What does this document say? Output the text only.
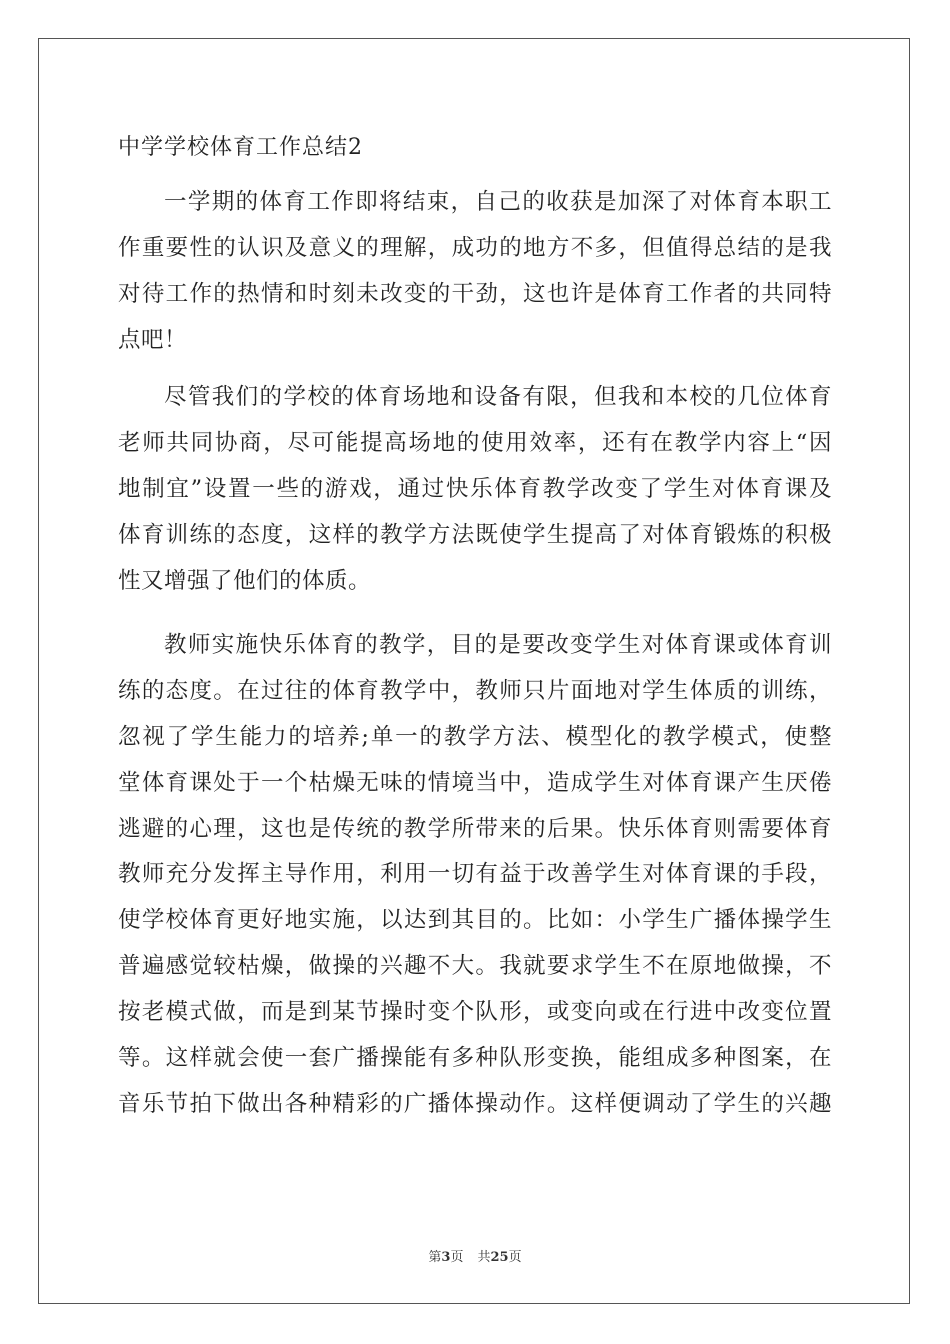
中学学校体育工作总结2
一学期的体育工作即将结束，自己的收获是加深了对体育本职工
作重要性的认识及意义的理解，成功的地方不多，但值得总结的是我
对待工作的热情和时刻未改变的干劲，这也许是体育工作者的共同特
点吧！
尽管我们的学校的体育场地和设备有限，但我和本校的几位体育
老师共同协商，尽可能提高场地的使用效率，还有在教学内容上“因
地制宜”设置一些的游戏，通过快乐体育教学改变了学生对体育课及
体育训练的态度，这样的教学方法既使学生提高了对体育锻炼的积极
性又增强了他们的体质。
教师实施快乐体育的教学，目的是要改变学生对体育课或体育训
练的态度。在过往的体育教学中，教师只片面地对学生体质的训练，
忽视了学生能力的培养;单一的教学方法、模型化的教学模式，使整
堂体育课处于一个枯燥无味的情境当中，造成学生对体育课产生厌倦
逃避的心理，这也是传统的教学所带来的后果。快乐体育则需要体育
教师充分发挥主导作用，利用一切有益于改善学生对体育课的手段，
使学校体育更好地实施，以达到其目的。比如：小学生广播体操学生
普遍感觉较枯燥，做操的兴趣不大。我就要求学生不在原地做操，不
按老模式做，而是到某节操时变个队形，或变向或在行进中改变位置
等。这样就会使一套广播操能有多种队形变换，能组成多种图案，在
音乐节拍下做出各种精彩的广播体操动作。这样便调动了学生的兴趣
第3页 共25页
